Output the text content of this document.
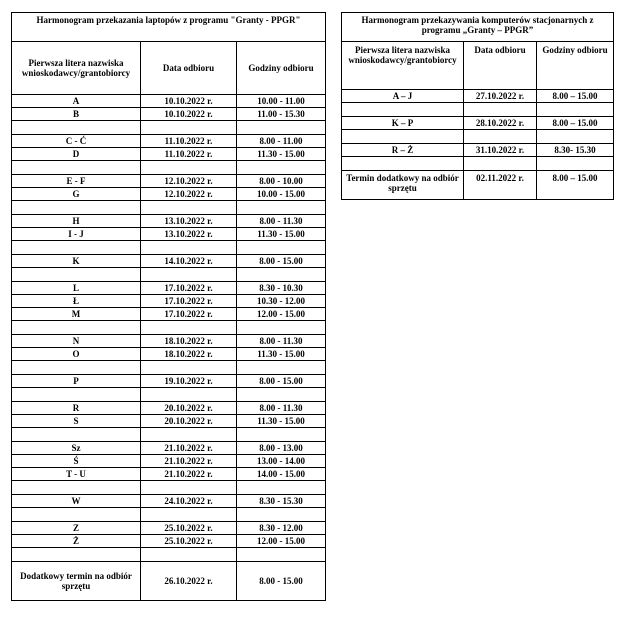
Harmonogram przekazania laptopów z programu "Granty - PPGR"		
Pierwsza litera nazwiska wnioskodawcy/grantobiorcy	Data odbioru	Godziny odbioru
A	10.10.2022 r.	10.00 - 11.00
B	10.10.2022 r.	11.00 - 15.30

C - Ć	11.10.2022 r.	8.00 - 11.00
D	11.10.2022 r.	11.30 - 15.00

E - F	12.10.2022 r.	8.00 - 10.00
G	12.10.2022 r.	10.00 - 15.00

H	13.10.2022 r.	8.00 - 11.30
I - J	13.10.2022 r.	11.30 - 15.00

K	14.10.2022 r.	8.00 - 15.00

L	17.10.2022 r.	8.30 - 10.30
Ł	17.10.2022 r.	10.30 - 12.00
M	17.10.2022 r.	12.00 - 15.00

N	18.10.2022 r.	8.00 - 11.30
O	18.10.2022 r.	11.30 - 15.00

P	19.10.2022 r.	8.00 - 15.00

R	20.10.2022 r.	8.00 - 11.30
S	20.10.2022 r.	11.30 - 15.00

Sz	21.10.2022 r.	8.00 - 13.00
Ś	21.10.2022 r.	13.00 - 14.00
T - U	21.10.2022 r.	14.00 - 15.00

W	24.10.2022 r.	8.30 - 15.30

Z	25.10.2022 r.	8.30 - 12.00
Ż	25.10.2022 r.	12.00 - 15.00

Dodatkowy termin na odbiór sprzętu	26.10.2022 r.	8.00 - 15.00
Harmonogram przekazywania komputerów stacjonarnych z programu „Granty – PPGR”		
Pierwsza litera nazwiska wnioskodawcy/grantobiorcy	Data odbioru	Godziny odbioru
A – J	27.10.2022 r.	8.00 – 15.00

K – P	28.10.2022 r.	8.00 – 15.00

R – Ż	31.10.2022 r.	8.30- 15.30

Termin dodatkowy na odbiór sprzętu	02.11.2022 r.	8.00 – 15.00
